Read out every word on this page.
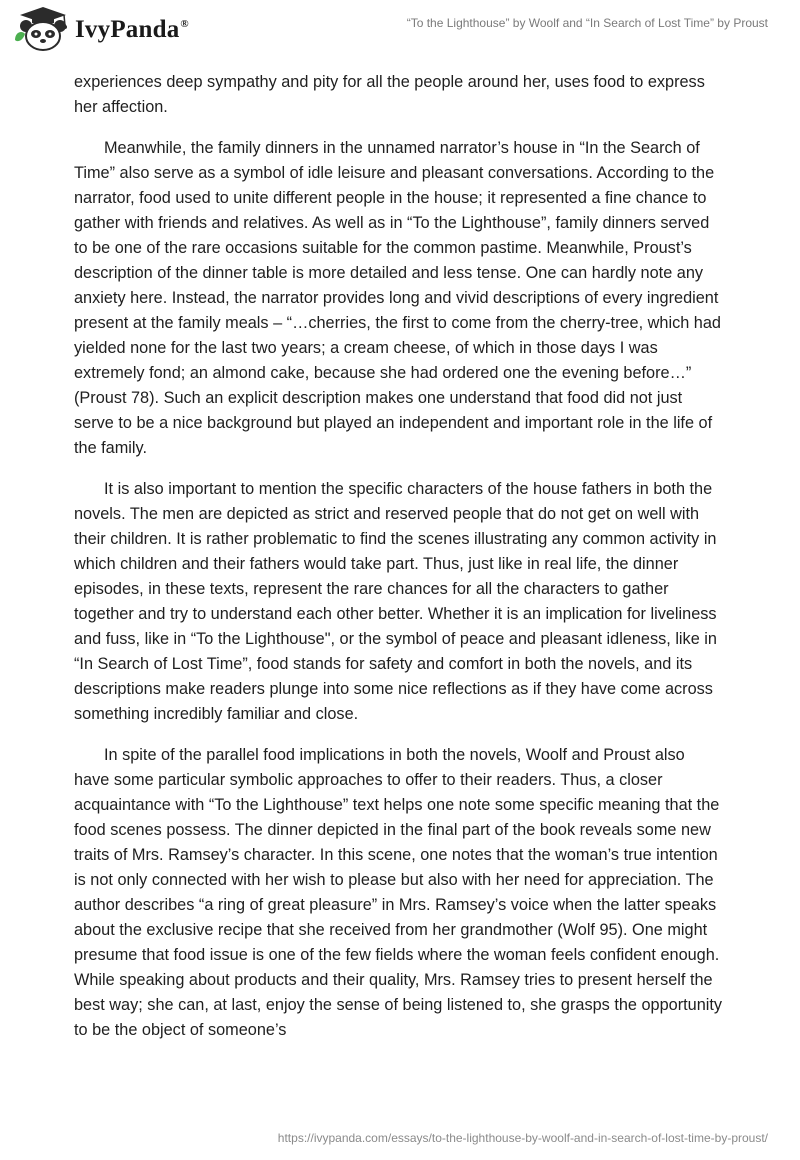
IvyPanda®	“To the Lighthouse” by Woolf and “In Search of Lost Time” by Proust

experiences deep sympathy and pity for all the people around her, uses food to express her affection.

Meanwhile, the family dinners in the unnamed narrator’s house in “In the Search of Time” also serve as a symbol of idle leisure and pleasant conversations. According to the narrator, food used to unite different people in the house; it represented a fine chance to gather with friends and relatives. As well as in “To the Lighthouse”, family dinners served to be one of the rare occasions suitable for the common pastime. Meanwhile, Proust’s description of the dinner table is more detailed and less tense. One can hardly note any anxiety here. Instead, the narrator provides long and vivid descriptions of every ingredient present at the family meals – “…cherries, the first to come from the cherry-tree, which had yielded none for the last two years; a cream cheese, of which in those days I was extremely fond; an almond cake, because she had ordered one the evening before…” (Proust 78). Such an explicit description makes one understand that food did not just serve to be a nice background but played an independent and important role in the life of the family.

It is also important to mention the specific characters of the house fathers in both the novels. The men are depicted as strict and reserved people that do not get on well with their children. It is rather problematic to find the scenes illustrating any common activity in which children and their fathers would take part. Thus, just like in real life, the dinner episodes, in these texts, represent the rare chances for all the characters to gather together and try to understand each other better. Whether it is an implication for liveliness and fuss, like in “To the Lighthouse", or the symbol of peace and pleasant idleness, like in “In Search of Lost Time”, food stands for safety and comfort in both the novels, and its descriptions make readers plunge into some nice reflections as if they have come across something incredibly familiar and close.

In spite of the parallel food implications in both the novels, Woolf and Proust also have some particular symbolic approaches to offer to their readers. Thus, a closer acquaintance with “To the Lighthouse” text helps one note some specific meaning that the food scenes possess. The dinner depicted in the final part of the book reveals some new traits of Mrs. Ramsey’s character. In this scene, one notes that the woman’s true intention is not only connected with her wish to please but also with her need for appreciation. The author describes “a ring of great pleasure” in Mrs. Ramsey’s voice when the latter speaks about the exclusive recipe that she received from her grandmother (Wolf 95). One might presume that food issue is one of the few fields where the woman feels confident enough. While speaking about products and their quality, Mrs. Ramsey tries to present herself the best way; she can, at last, enjoy the sense of being listened to, she grasps the opportunity to be the object of someone’s

https://ivypanda.com/essays/to-the-lighthouse-by-woolf-and-in-search-of-lost-time-by-proust/
